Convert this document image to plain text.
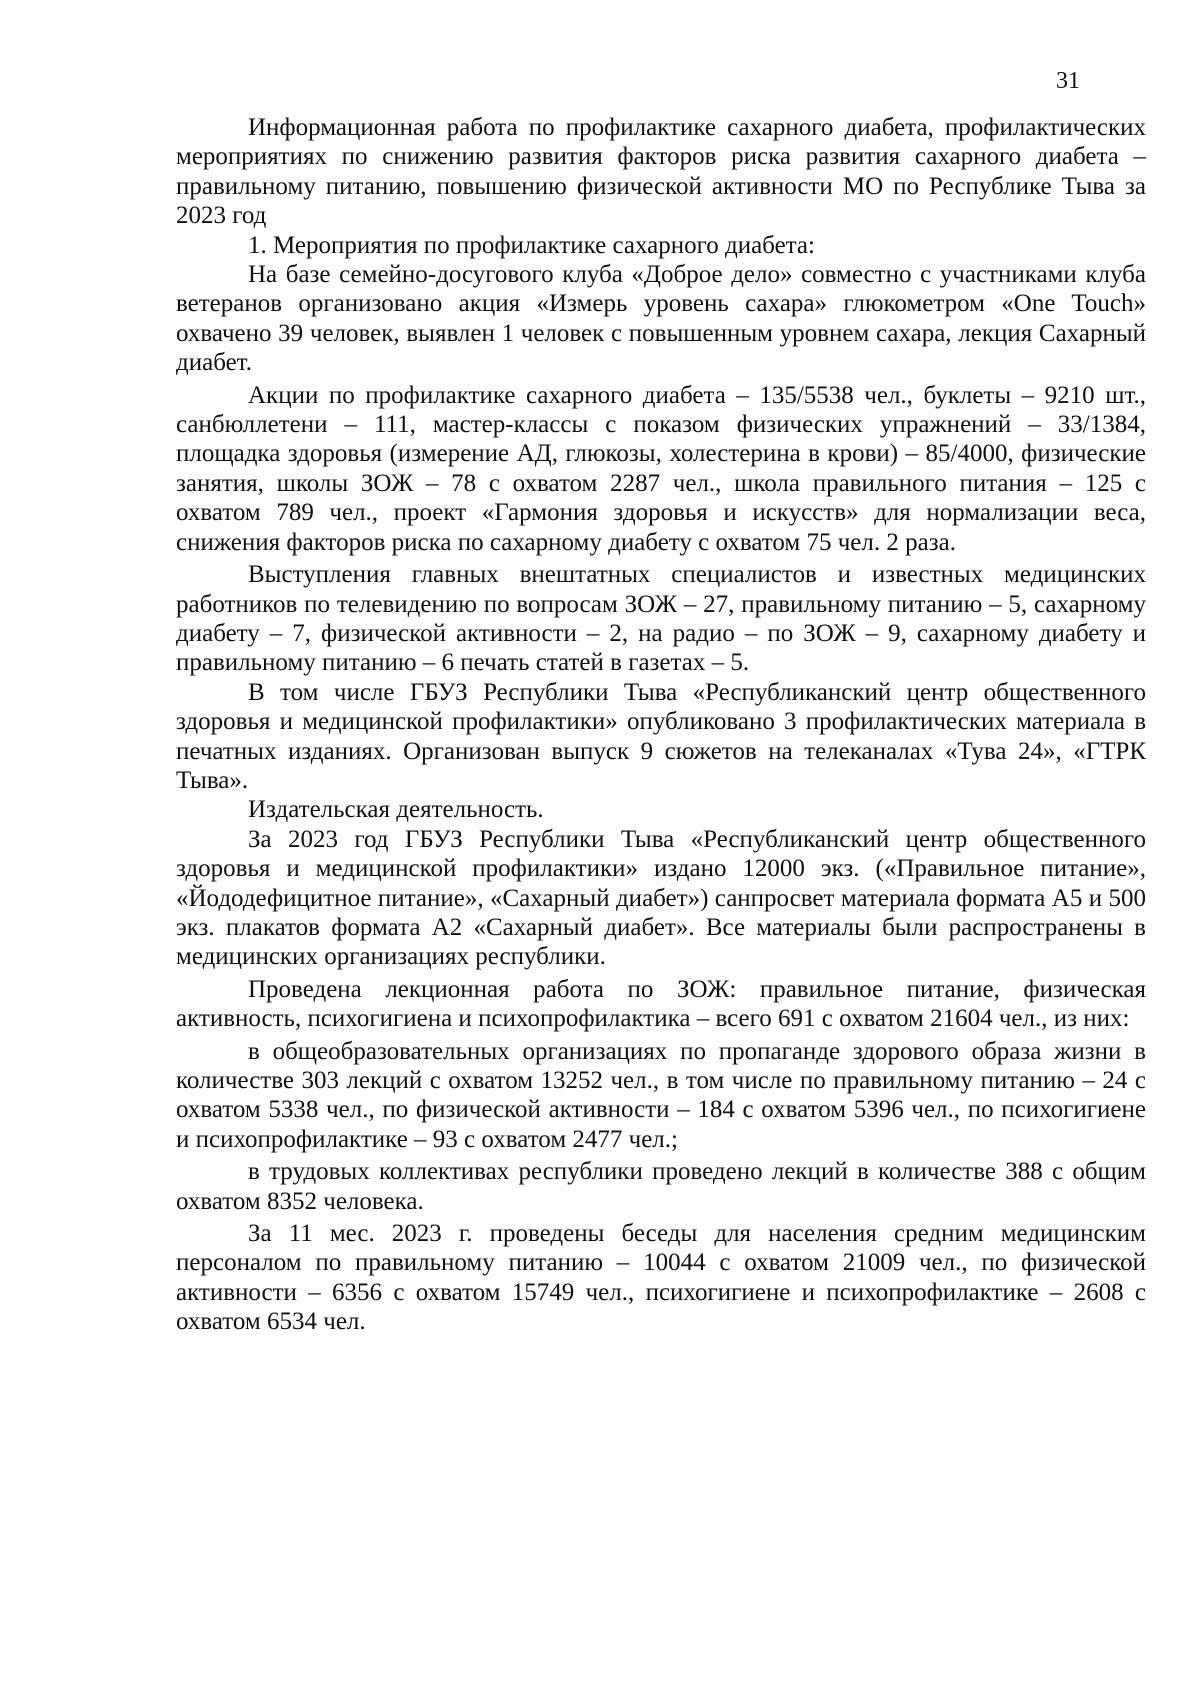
31

Информационная работа по профилактике сахарного диабета, профилактических мероприятиях по снижению развития факторов риска развития сахарного диабета – правильному питанию, повышению физической активности МО по Республике Тыва за 2023 год

1. Мероприятия по профилактике сахарного диабета:

На базе семейно-досугового клуба «Доброе дело» совместно с участниками клуба ветеранов организовано акция «Измерь уровень сахара» глюкометром «One Touch» охвачено 39 человек, выявлен 1 человек с повышенным уровнем сахара, лекция Сахарный диабет.

Акции по профилактике сахарного диабета – 135/5538 чел., буклеты – 9210 шт., санбюллетени – 111, мастер-классы с показом физических упражнений – 33/1384, площадка здоровья (измерение АД, глюкозы, холестерина в крови) – 85/4000, физические занятия, школы ЗОЖ – 78 с охватом 2287 чел., школа правильного питания – 125 с охватом 789 чел., проект «Гармония здоровья и искусств» для нормализации веса, снижения факторов риска по сахарному диабету с охватом 75 чел. 2 раза.

Выступления главных внештатных специалистов и известных медицинских работников по телевидению по вопросам ЗОЖ – 27, правильному питанию – 5, сахарному диабету – 7, физической активности – 2, на радио – по ЗОЖ – 9, сахарному диабету и правильному питанию – 6 печать статей в газетах – 5.

В том числе ГБУЗ Республики Тыва «Республиканский центр общественного здоровья и медицинской профилактики» опубликовано 3 профилактических материала в печатных изданиях. Организован выпуск 9 сюжетов на телеканалах «Тува 24», «ГТРК Тыва».

Издательская деятельность.

За 2023 год ГБУЗ Республики Тыва «Республиканский центр общественного здоровья и медицинской профилактики» издано 12000 экз. («Правильное питание», «Йододефицитное питание», «Сахарный диабет») санпросвет материала формата А5 и 500 экз. плакатов формата А2 «Сахарный диабет». Все материалы были распространены в медицинских организациях республики.

Проведена лекционная работа по ЗОЖ: правильное питание, физическая активность, психогигиена и психопрофилактика – всего 691 с охватом 21604 чел., из них:

в общеобразовательных организациях по пропаганде здорового образа жизни в количестве 303 лекций с охватом 13252 чел., в том числе по правильному питанию – 24 с охватом 5338 чел., по физической активности – 184 с охватом 5396 чел., по психогигиене и психопрофилактике – 93 с охватом 2477 чел.;

в трудовых коллективах республики проведено лекций в количестве 388 с общим охватом 8352 человека.

За 11 мес. 2023 г. проведены беседы для населения средним медицинским персоналом по правильному питанию – 10044 с охватом 21009 чел., по физической активности – 6356 с охватом 15749 чел., психогигиене и психопрофилактике – 2608 с охватом 6534 чел.
